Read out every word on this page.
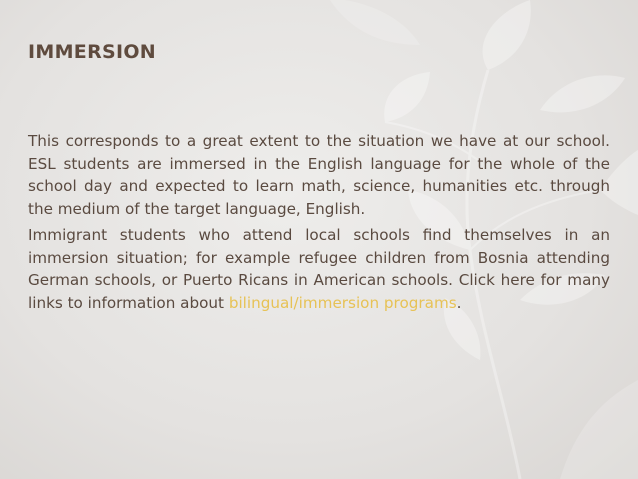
IMMERSION

This corresponds to a great extent to the situation we have at our school. ESL students are immersed in the English language for the whole of the school day and expected to learn math, science, humanities etc. through the medium of the target language, English.

Immigrant students who attend local schools find themselves in an immersion situation; for example refugee children from Bosnia attending German schools, or Puerto Ricans in American schools. Click here for many links to information about bilingual/immersion programs.
